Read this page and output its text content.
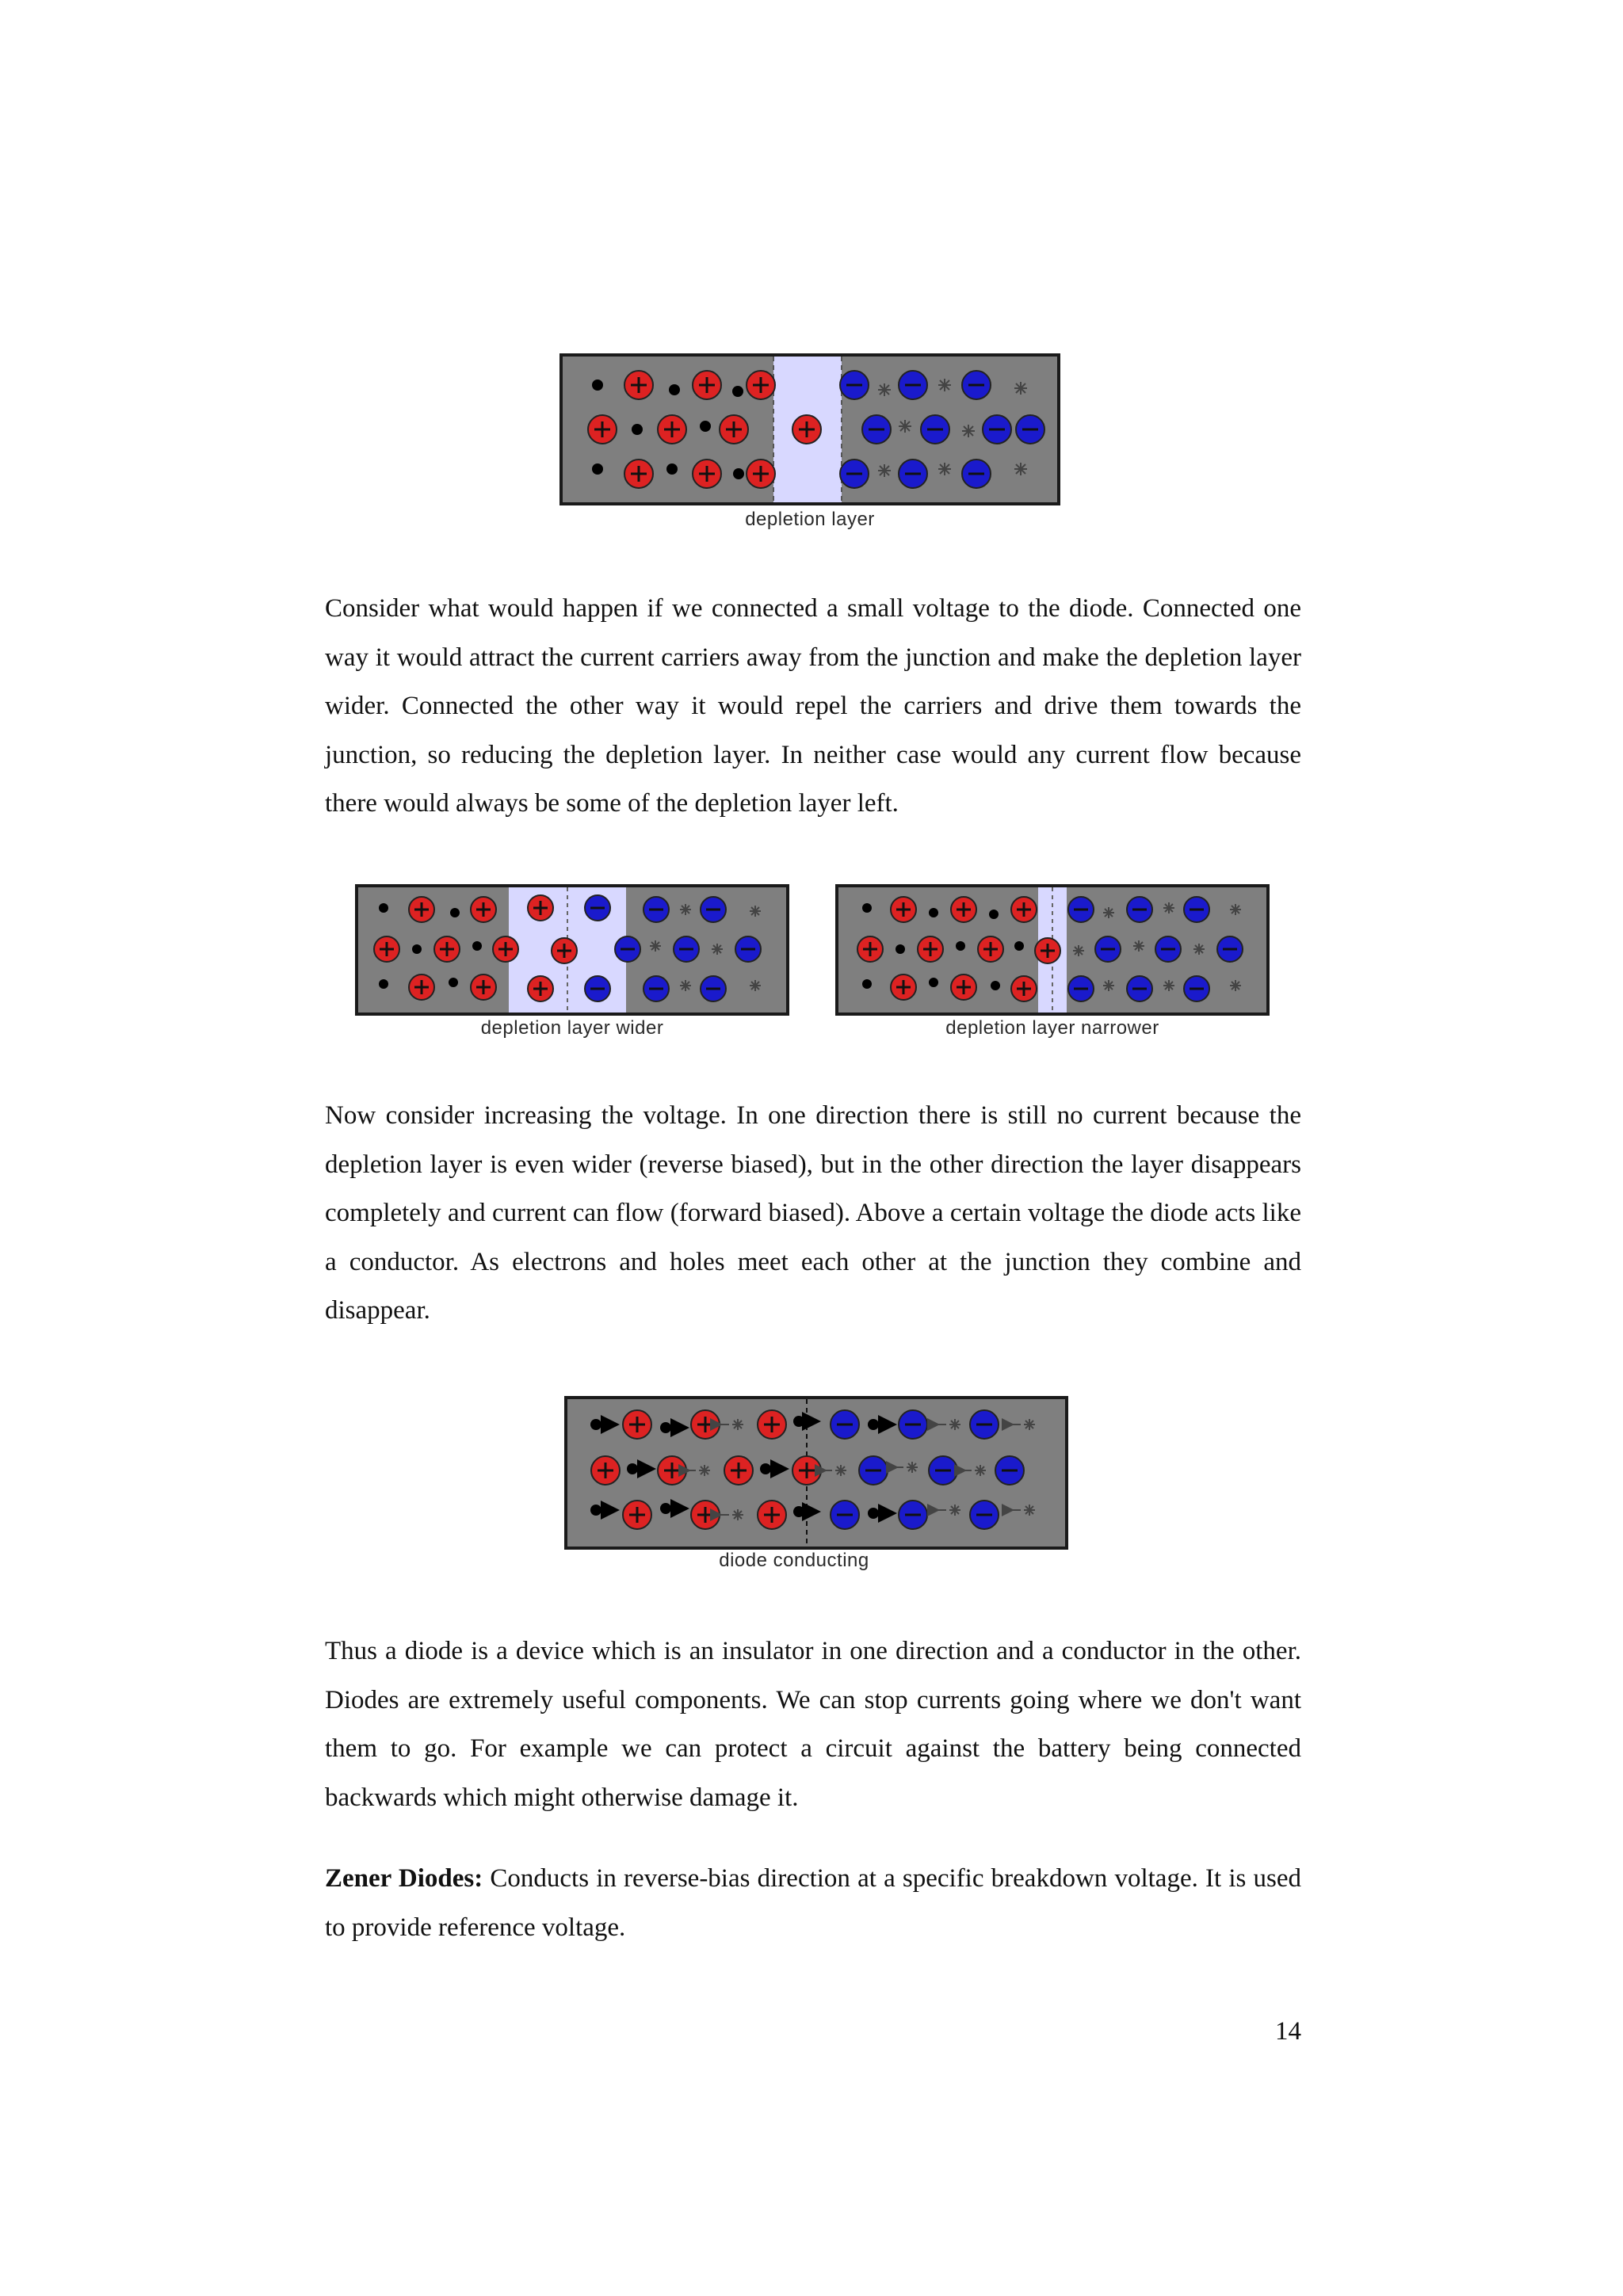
depletion layer

Consider what would happen if we connected a small voltage to the diode. Connected one way it would attract the current carriers away from the junction and make the depletion layer wider. Connected the other way it would repel the carriers and drive them towards the junction, so reducing the depletion layer. In neither case would any current flow because there would always be some of the depletion layer left.

depletion layer wider	depletion layer narrower

Now consider increasing the voltage. In one direction there is still no current because the depletion layer is even wider (reverse biased), but in the other direction the layer disappears completely and current can flow (forward biased). Above a certain voltage the diode acts like a conductor. As electrons and holes meet each other at the junction they combine and disappear.

diode conducting

Thus a diode is a device which is an insulator in one direction and a conductor in the other. Diodes are extremely useful components. We can stop currents going where we don't want them to go. For example we can protect a circuit against the battery being connected backwards which might otherwise damage it.

Zener Diodes: Conducts in reverse-bias direction at a specific breakdown voltage. It is used to provide reference voltage.

14
